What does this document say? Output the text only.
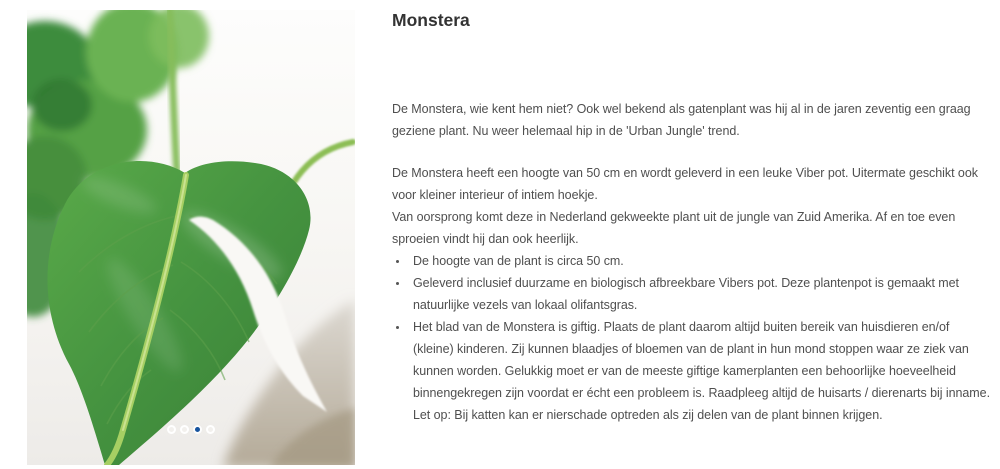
Monstera

De Monstera, wie kent hem niet? Ook wel bekend als gatenplant was hij al in de jaren zeventig een graag geziene plant. Nu weer helemaal hip in de 'Urban Jungle' trend.

De Monstera heeft een hoogte van 50 cm en wordt geleverd in een leuke Viber pot. Uitermate geschikt ook voor kleiner interieur of intiem hoekje.

Van oorsprong komt deze in Nederland gekweekte plant uit de jungle van Zuid Amerika. Af en toe even sproeien vindt hij dan ook heerlijk.

• De hoogte van de plant is circa 50 cm.
• Geleverd inclusief duurzame en biologisch afbreekbare Vibers pot. Deze plantenpot is gemaakt met natuurlijke vezels van lokaal olifantsgras.
• Het blad van de Monstera is giftig. Plaats de plant daarom altijd buiten bereik van huisdieren en/of (kleine) kinderen. Zij kunnen blaadjes of bloemen van de plant in hun mond stoppen waar ze ziek van kunnen worden. Gelukkig moet er van de meeste giftige kamerplanten een behoorlijke hoeveelheid binnengekregen zijn voordat er écht een probleem is. Raadpleeg altijd de huisarts / dierenarts bij inname. Let op: Bij katten kan er nierschade optreden als zij delen van de plant binnen krijgen.
